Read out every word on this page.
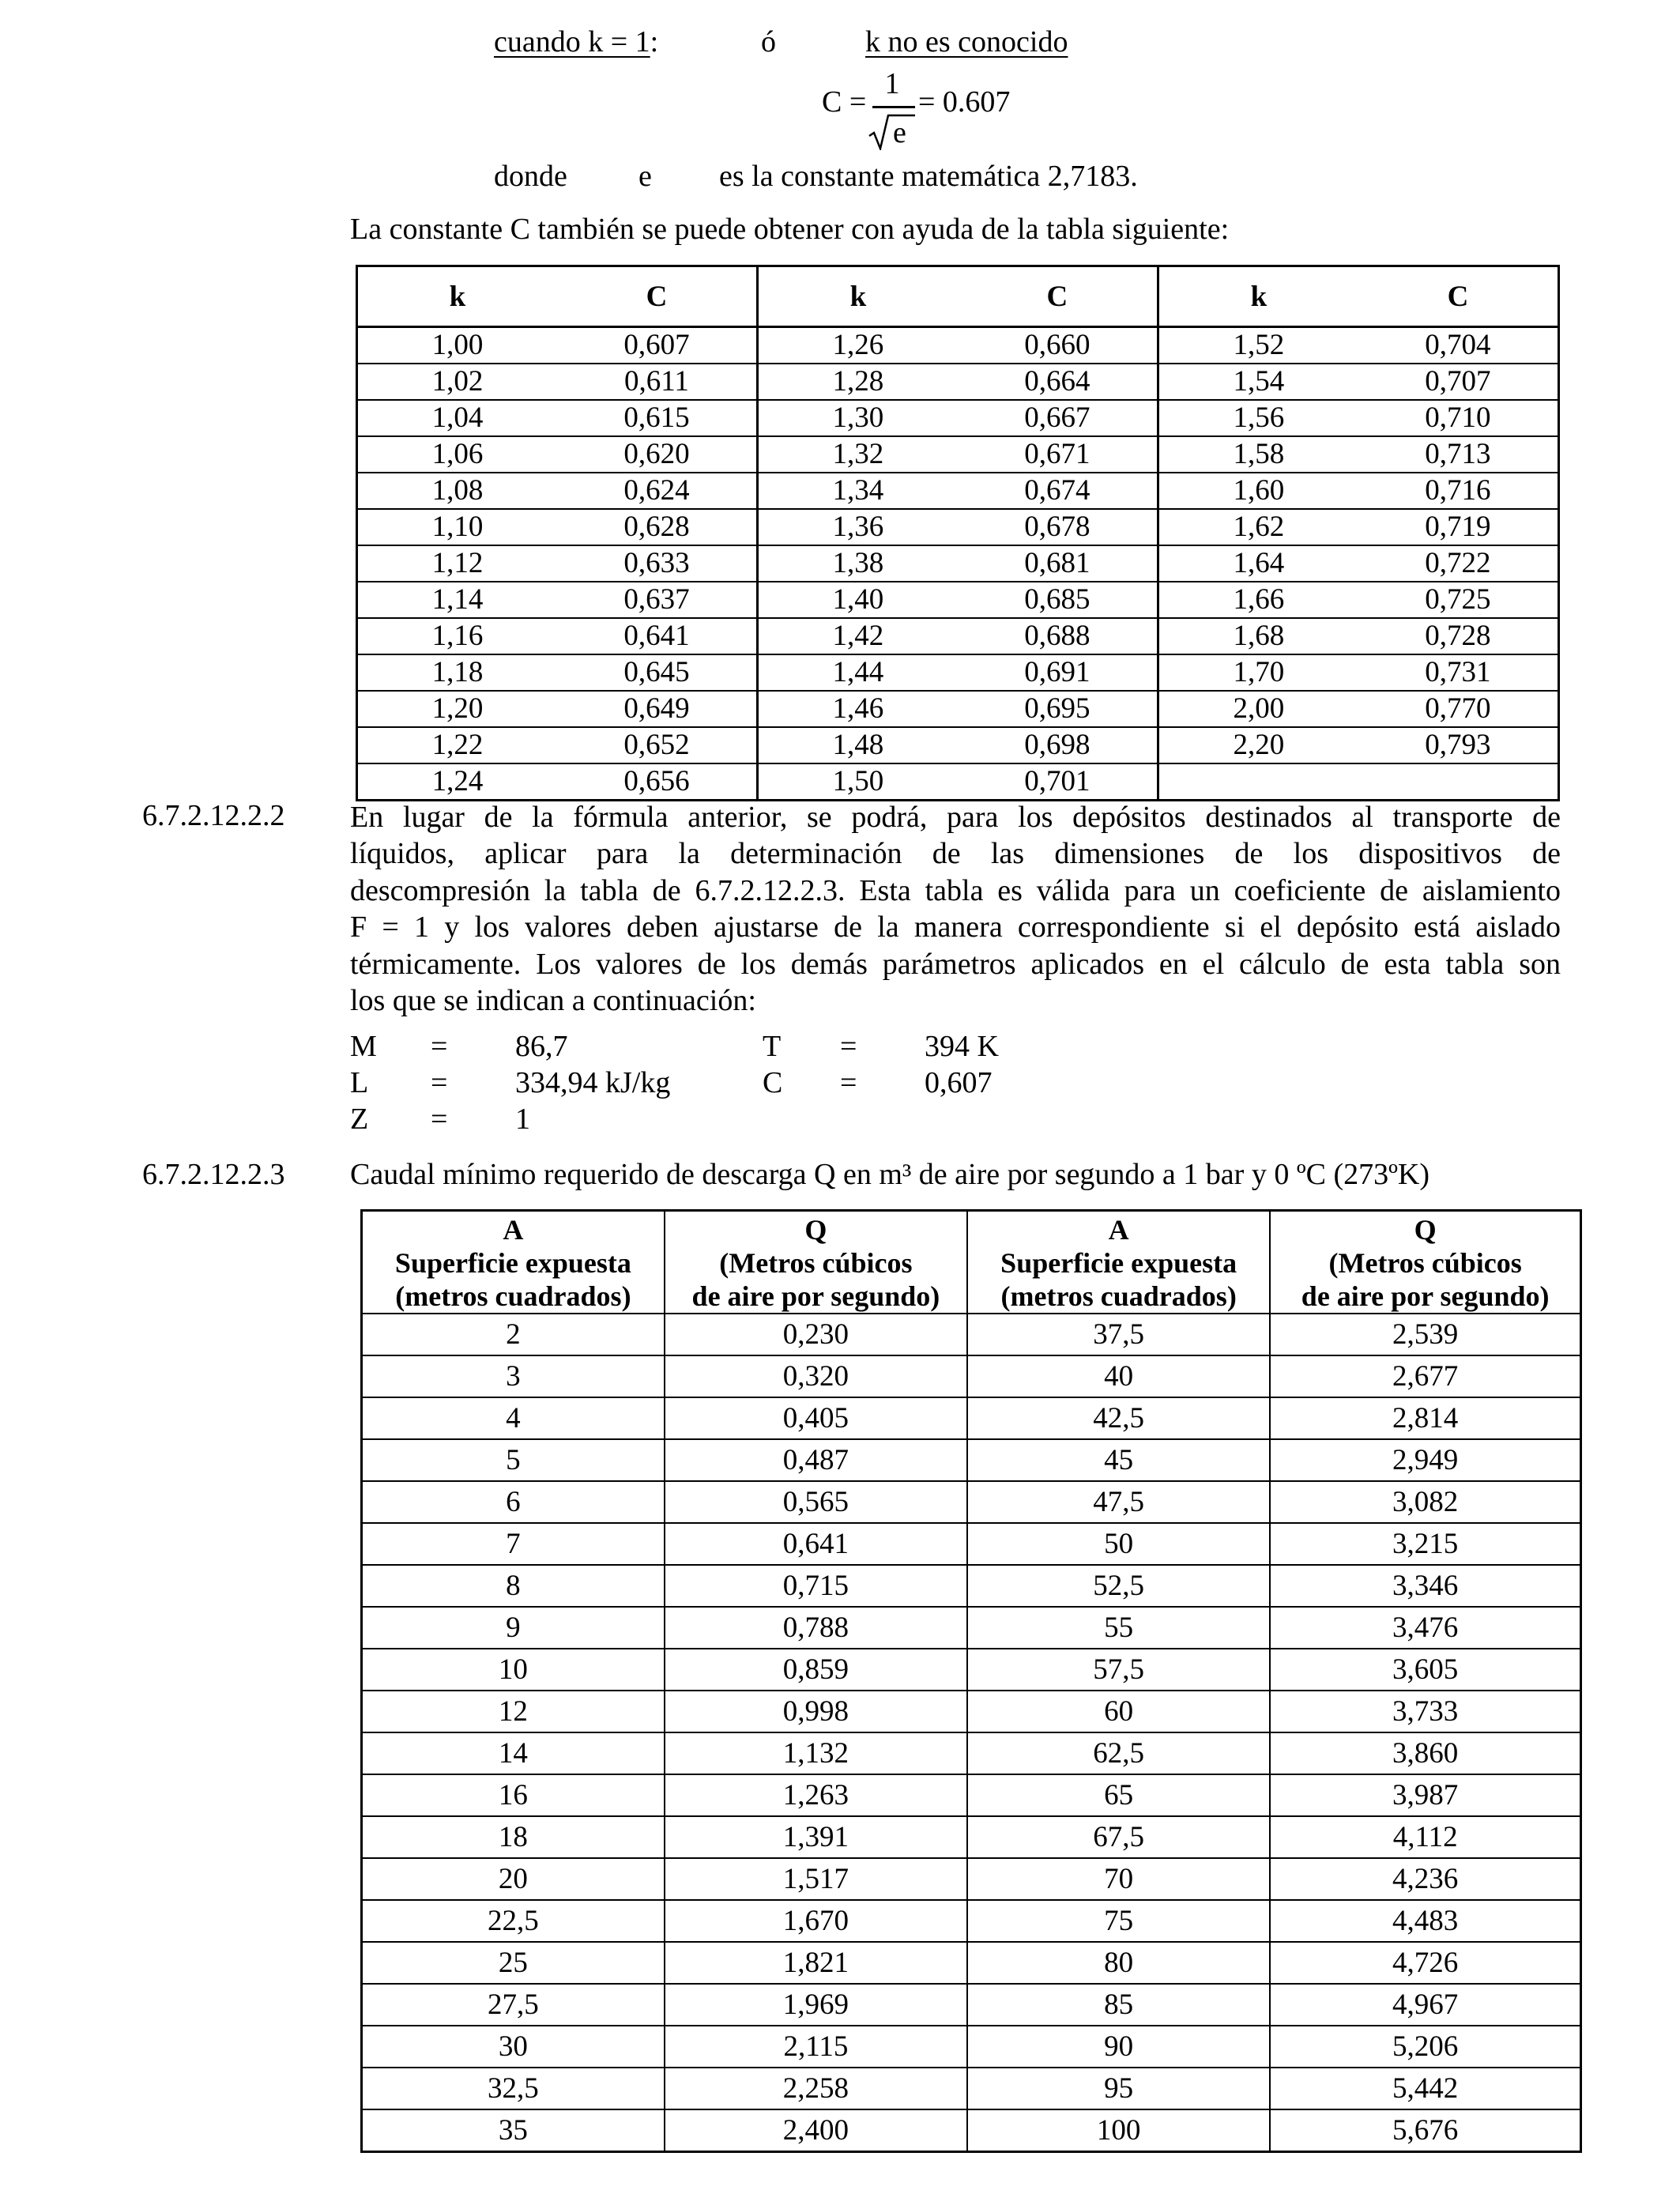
cuando k = 1:	ó	k no es conocido
C =
1
e
= 0.607
donde e es la constante matemática 2,7183.
La constante C también se puede obtener con ayuda de la tabla siguiente:
k	C	k	C	k	C
1,00	0,607	1,26	0,660	1,52	0,704
1,02	0,611	1,28	0,664	1,54	0,707
1,04	0,615	1,30	0,667	1,56	0,710
1,06	0,620	1,32	0,671	1,58	0,713
1,08	0,624	1,34	0,674	1,60	0,716
1,10	0,628	1,36	0,678	1,62	0,719
1,12	0,633	1,38	0,681	1,64	0,722
1,14	0,637	1,40	0,685	1,66	0,725
1,16	0,641	1,42	0,688	1,68	0,728
1,18	0,645	1,44	0,691	1,70	0,731
1,20	0,649	1,46	0,695	2,00	0,770
1,22	0,652	1,48	0,698	2,20	0,793
1,24	0,656	1,50	0,701		
6.7.2.12.2.2 En lugar de la fórmula anterior, se podrá, para los depósitos destinados al transporte de
líquidos, aplicar para la determinación de las dimensiones de los dispositivos de
descompresión la tabla de 6.7.2.12.2.3. Esta tabla es válida para un coeficiente de aislamiento
F = 1 y los valores deben ajustarse de la manera correspondiente si el depósito está aislado
térmicamente. Los valores de los demás parámetros aplicados en el cálculo de esta tabla son
los que se indican a continuación:
M = 86,7
L = 334,94 kJ/kg
Z = 1
T = 394 K
C = 0,607
6.7.2.12.2.3 Caudal mínimo requerido de descarga Q en m³ de aire por segundo a 1 bar y 0 ºC (273ºK)
A
Superficie expuesta
(metros cuadrados)	Q
(Metros cúbicos
de aire por segundo)	A
Superficie expuesta
(metros cuadrados)	Q
(Metros cúbicos
de aire por segundo)
2	0,230	37,5	2,539
3	0,320	40	2,677
4	0,405	42,5	2,814
5	0,487	45	2,949
6	0,565	47,5	3,082
7	0,641	50	3,215
8	0,715	52,5	3,346
9	0,788	55	3,476
10	0,859	57,5	3,605
12	0,998	60	3,733
14	1,132	62,5	3,860
16	1,263	65	3,987
18	1,391	67,5	4,112
20	1,517	70	4,236
22,5	1,670	75	4,483
25	1,821	80	4,726
27,5	1,969	85	4,967
30	2,115	90	5,206
32,5	2,258	95	5,442
35	2,400	100	5,676
